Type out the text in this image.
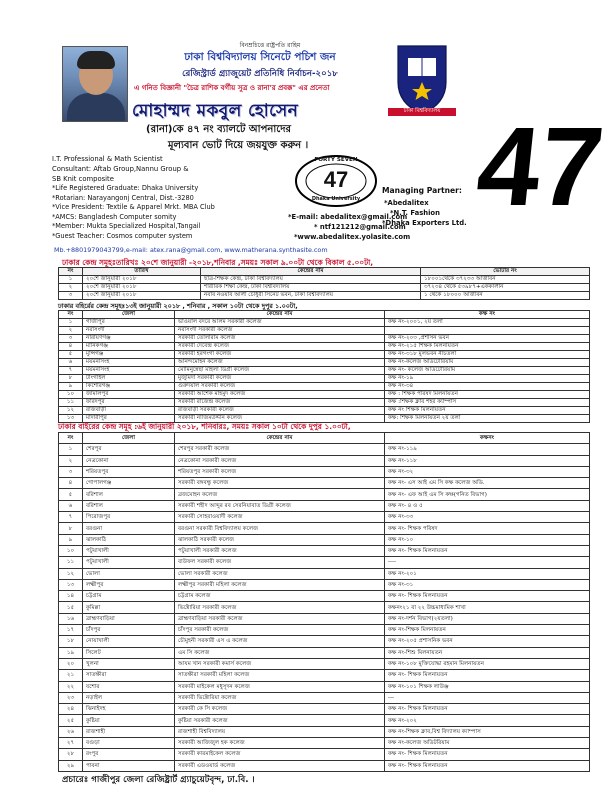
বিনম্রচিত্তে রাষ্ট্রপতি রাহিম
ঢাকা বিশ্ববিদ্যালয় সিনেটে পচিশ জন
রেজিস্ট্রার্ড গ্র্যাজুয়েট প্রতিনিধি নির্বাচন-২০১৮
এ গনিত বিজ্ঞানী "চৈত্র রাশিক বর্গীয় সুত্র ও রানা'র প্রবক্ক" এর প্রনেতা
ঢাকা বিশ্ববিদ্যালয়
মোহাম্মদ মকবুল হোসেন
(রানা)কে ৪৭ নং ব্যালটে আপনাদের
মূল্যবান ভোট দিয়ে জয়যুক্ত করুন ।	47
I.T. Professional & Math Scientist
Consultant: Aftab Group,Nannu Group &
SB Knit composite
FORTY SEVEN
47
Dhaka University
Managing Partner:
*Abedalitex
*N.T. Fashion
*Dhaka Exporters Ltd.
*E-mail: abedalitex@gmail.com
* ntf121212@gmail.com
*www.abedalitex.yolasite.com
*Life Registered Graduate: Dhaka University
*Rotarian: Narayangonj Central, Dist.-3280
*Vice President: Textile & Apparel Mrkt. MBA Club
*AMCS: Bangladesh Computer somity
*Member: Mukta Specialized Hospital,Tangail
*Guest Teacher: Cosmos computer system
Mb.+8801979043799,e-mail: atex.rana@gmail.com, www.matherana.synthasite.com
ঢাকার কেন্দ্র সমূহঃতারিখঃ ২০শে জানুয়ারী -২০১৮,শনিবার ,সময়ঃ সকাল ৯.০০টা থেকে বিকাল ৫.০০টা,
নং	তারিখ	কেন্দ্রের নাম	ভোটার নং
১	২০শে জানুয়ারী ২০১৮	ছাত্র-শিক্ষক কেন্দ্র, ঢাকা বিশ্ববিদ্যালয়	১৮০০১থেকে ৩৭২৩৩ আজীবন
২	২০শে জানুয়ারী ২০১৮	শারীরিক শিক্ষা কেন্দ্র, ঢাকা বিশ্ববিদ্যালয়	৩৭২৩৪ থেকে ৫৩৯৮৭+এককালীন
৩	২০শে জানুয়ারী ২০১৮	নবাব নওয়াব আলী চৌধুরী সিনেট ভবন, ঢাকা বিশ্ববিদ্যালয়	১ থেকে ১৮০০০ আজীবন
ঢাকার বহির্রের কেন্দ্র সমূহঃ১৩ই জানুয়ারী ২০১৮ , শনিবার , সকাল ১০টা থেকে দুপুর ১.০০টা,
নং	জেলা	কেন্দ্রের নাম	কক্ষ নং
১	গাজীপুর	ভাওয়াল বদরে আলম সরকারী কলেজ	কক্ষ নং-২০০১, ২য় তলা
২	নরসিংদী	নরসিংদী সরকারী কলেজ	
৩	নারায়ণগঞ্জ	সরকারী তোলারাম কলেজ	কক্ষ নং-২০৩ ,প্রশাসন ভবন
৪	মানিকগঞ্জ	সরকারী দেবেন্দ্র কলেজ	কক্ষ নং-২১৫ শিক্ষক মিলনায়তন
৫	মুন্সিগঞ্জ	সরকারী হরগংগা কলেজ	কক্ষ নং-৩১৮ মুলভবন নীচতলা
৬	ময়মনসিংহ	আনন্দমোহন কলেজ	কক্ষ নং-কলেজ অডিটোরিয়াম
৭	ময়মনসিংহ	মৌমিনুন্নেছা মহিলা ডিগ্রী কলেজ	কক্ষ নং- কলেজ অডিটোরিয়াম
৮	টাংগাইল	মুজুমিদা সরকারী কলেজ	কক্ষ নং-১৯
৯	কিশোরগঞ্জ	গুরুদয়াল সরকারী কলেজ	কক্ষ নং-৩৪
১০	জামালপুর	সরকারী আশেক মাহমুদ কলেজ	কক্ষ : শিক্ষক পরিষদ মিলনায়তন
১১	ফরিদপুর	সরকারী রাজেন্দ্র কলেজ	কক্ষ :শিক্ষক ক্লাব শহর ক্যাম্পাস
১২	রাজবাড়ী	রাজবাড়ী সরকারী কলেজ	কক্ষ নং শিক্ষক মিলনায়তন
১৩	মাদারীপুর	সরকারী নাজিমউদ্দীন কলেজ	কক্ষ: শিক্ষক মিলনায়তন ২য় তলা
ঢাকার বাইরের কেন্দ্র সমূহ :৬ই জানুয়ারী ২০১৮, শনিবারঃ, সময়ঃ সকাল ১০টা থেকে দুপুর ১.০০টা,
নং	জেলা	কেন্দ্রের নাম	কক্ষনং
১	শেরপুর	শেরপুর সরকারী কলেজ	কক্ষ নং-১১৯
২	নেত্রকোনা	নেত্রকোনা সরকারী কলেজ	কক্ষ নং-১১৮
৩	শরিয়তপুর	শরিয়তপুর সরকারী কলেজ	কক্ষ নং-৩২
৪	গোপালগঞ্জ	সরকারী বঙ্গবন্ধু কলেজ	কক্ষ নং- এস আই এম সি কক্ষ কলেজ অডি.
৫	বরিশাল	ব্রজমোহন কলেজ	কক্ষ নং- এফ আই এম সি কক্ষ(গনিত বিভাগ)
৬	বরিশাল	সরকারী শহীদ আব্দুর রব সেরনিয়াবাত ডিগ্রী কলেজ	কক্ষ নং- ৪ ও ৫
৭	পিরোজপুর	সরকারী সোহরাওয়ার্দী কলেজ	কক্ষ নং-৩৩
৮	বরগুনা	বরগুনা সরকারী বিশ্ববিদ্যালয় কলেজ	কক্ষ নং- শিক্ষক পরিষদ
৯	ঝালকাঠি	ঝালকাঠি সরকারী কলেজ	কক্ষ নং-১০
১০	পটুয়াখালী	পটুয়াখালী সরকারী কলেজ	কক্ষ নং- শিক্ষক মিলনায়তন
১১	পটুয়াখালী	বাউফল সরকারী কলেজ	----
১২	ভোলা	ভোলা সরকারী কলেজ	কক্ষ নং-২০১
১৩	লক্ষ্মীপুর	লক্ষ্মীপুর সরকারী মহিলা কলেজ	কক্ষ নং-৩১
১৪	চট্টগ্রাম	চট্টগ্রাম কলেজ	কক্ষ নং- শিক্ষক মিলনায়তন
১৫	কুমিল্লা	ভিক্টোরিয়া সরকারী কলেজ	কক্ষনং২১ বা ২২ উচ্চমাধ্যমিক শাখা
১৬	ব্রাহ্মণবাড়িয়া	ব্রাহ্মণবাড়িয়া সরকারী কলেজ	কক্ষ নং-দর্শন বিভাগ(২য়তলা)
১৭	চাঁদপুর	চাঁদপুর সরকারী কলেজ	কক্ষ নং-শিক্ষক মিলনায়তন
১৮	নোয়াখালী	চৌমুহনী সরকারী এস এ কলেজ	কক্ষ নং-২০৫ প্রশাসনিক ভবন
১৯	সিলেট	এম সি কলেজ	কক্ষ নং-শিশু মিলনায়তন
২০	খুলনা	আযম খান সরকারী কমার্স কলেজ	কক্ষ নং-১০৮ মুক্তিযোদ্ধা রহমান মিলনায়তন
২১	সাতক্ষীরা	সাতক্ষীরা সরকারী মহিলা কলেজ	কক্ষ নং- শিক্ষক মিলনায়তন
২২	যশোর	সরকারী মাইকেল মধুসূদন কলেজ	কক্ষ নং-১০১ শিক্ষক লাউঞ্জ
২৩	নড়াইল	সরকারী ভিক্টোরিয়া কলেজ	---
২৪	ঝিনাইদহ	সরকারী কে সি কলেজ	কক্ষ নং- শিক্ষক মিলনায়তন
২৫	কুষ্টিয়া	কুষ্টিয়া সরকারী কলেজ	কক্ষ নং-২০২
২৬	রাজশাহী	রাজশাহী বিশ্ববিদ্যালয়	কক্ষ নং-শিক্ষক ক্লাব,বিশ্ব বিদ্যালয় ক্যাম্পাস
২৭	বগুড়া	সরকারী আজিজুল হক কলেজ	কক্ষ নং-কলেজ অডিটরিয়াম
২৮	রংপুর	সরকারী কারমাইকেল কলেজ	কক্ষ নং- শিক্ষক মিলনায়তন
২৯	পাবনা	সরকারী এডওয়ার্ড কলেজ	কক্ষ নং- শিক্ষক মিলনায়তন
প্রচারেঃ গাজীপুর জেলা রেজিষ্ট্রার্ট গ্র্যাচুয়েটবৃন্দ, ঢা.বি. ।
